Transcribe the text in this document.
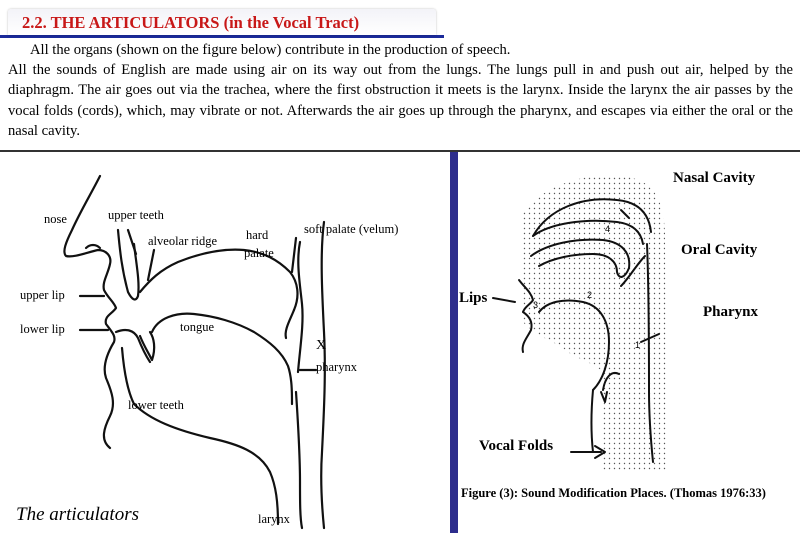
2.2. THE ARTICULATORS (in the Vocal Tract)

All the organs (shown on the figure below) contribute in the production of speech.

All the sounds of English are made using air on its way out from the lungs. The lungs pull in and push out air, helped by the diaphragm. The air goes out via the trachea, where the first obstruction it meets is the larynx. Inside the larynx the air passes by the vocal folds (cords), which, may vibrate or not. Afterwards the air goes up through the pharynx, and escapes via either the oral or the nasal cavity.

nose	upper teeth
alveolar ridge hard
palate
soft palate (velum)
upper lip
lower lip	tongue
X
pharynx
lower teeth
larynx
The articulators
4
3
2
1
Nasal Cavity
Oral Cavity
Lips
Pharynx
Vocal Folds
Figure (3): Sound Modification Places. (Thomas 1976:33)
